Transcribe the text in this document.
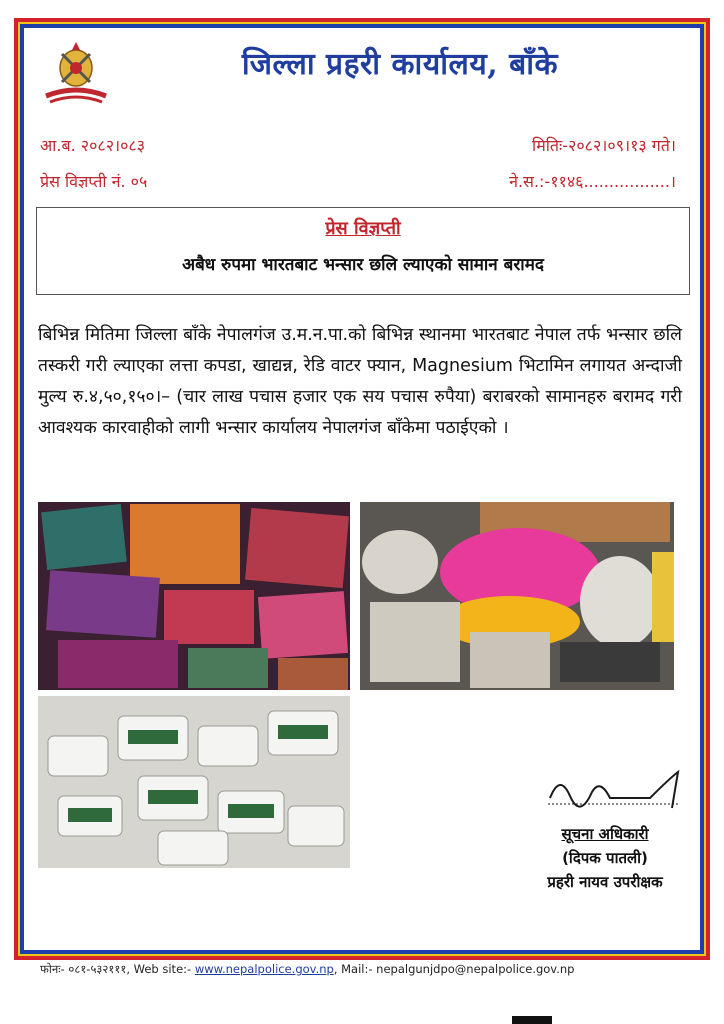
जिल्ला प्रहरी कार्यालय, बाँके
आ.ब. २०८२।०८३	मितिः-२०८२।०९।१३ गते।
प्रेस विज्ञप्ती नं. ०५	ने.स.:-११४६.................।
प्रेस विज्ञप्ती
अबैध रुपमा भारतबाट भन्सार छलि ल्याएको सामान बरामद
बिभिन्न मितिमा जिल्ला बाँके नेपालगंज उ.म.न.पा.को बिभिन्न स्थानमा भारतबाट नेपाल तर्फ भन्सार छलि तस्करी गरी ल्याएका लत्ता कपडा, खाद्यन्न, रेडि वाटर फ्यान, Magnesium भिटामिन लगायत अन्दाजी मुल्य रु.४,५०,१५०।– (चार लाख पचास हजार एक सय पचास रुपैया) बराबरको सामानहरु बरामद गरी आवश्यक कारवाहीको लागी भन्सार कार्यालय नेपालगंज बाँकेमा पठाईएको ।
सूचना अधिकारी
(दिपक पातली)
प्रहरी नायव उपरीक्षक
फोनः- ०८१-५३२१११, Web site:- www.nepalpolice.gov.np, Mail:- nepalgunjdpo@nepalpolice.gov.np
